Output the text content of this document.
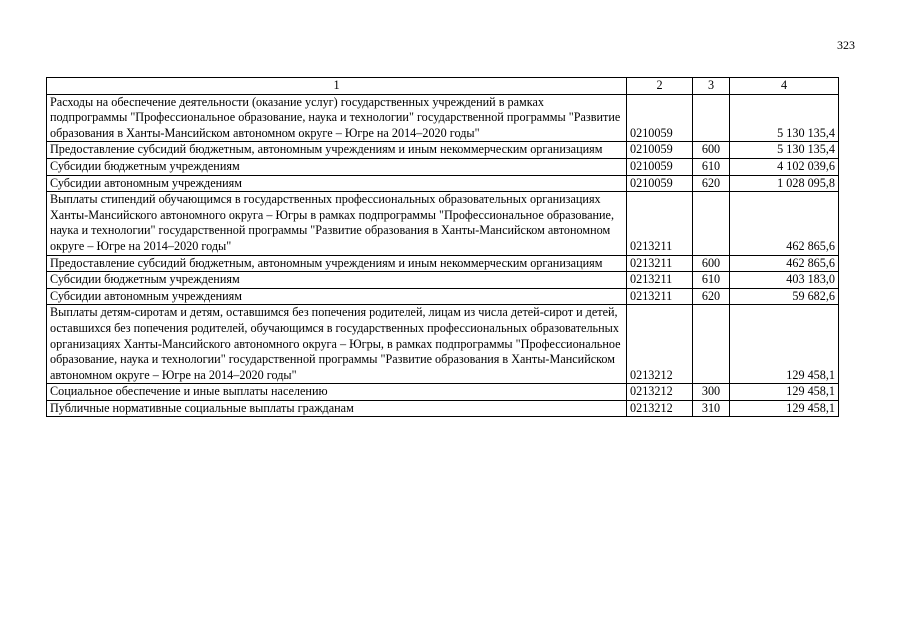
323
1	2	3	4
Расходы на обеспечение деятельности (оказание услуг) государственных учреждений в рамках подпрограммы "Профессиональное образование, наука и технологии" государственной программы "Развитие образования в Ханты-Мансийском автономном округе – Югре на 2014–2020 годы"	0210059		5 130 135,4
Предоставление субсидий бюджетным, автономным учреждениям и иным некоммерческим организациям	0210059	600	5 130 135,4
Субсидии бюджетным учреждениям	0210059	610	4 102 039,6
Субсидии автономным учреждениям	0210059	620	1 028 095,8
Выплаты стипендий обучающимся в государственных профессиональных образовательных организациях Ханты-Мансийского автономного округа – Югры в рамках подпрограммы "Профессиональное образование, наука и технологии" государственной программы "Развитие образования в Ханты-Мансийском автономном округе – Югре на 2014–2020 годы"	0213211		462 865,6
Предоставление субсидий бюджетным, автономным учреждениям и иным некоммерческим организациям	0213211	600	462 865,6
Субсидии бюджетным учреждениям	0213211	610	403 183,0
Субсидии автономным учреждениям	0213211	620	59 682,6
Выплаты детям-сиротам и детям, оставшимся без попечения родителей, лицам из числа детей-сирот и детей, оставшихся без попечения родителей, обучающимся в государственных профессиональных образовательных организациях Ханты-Мансийского автономного округа – Югры, в рамках подпрограммы "Профессиональное образование, наука и технологии" государственной программы "Развитие образования в Ханты-Мансийском автономном округе – Югре на 2014–2020 годы"	0213212		129 458,1
Социальное обеспечение и иные выплаты населению	0213212	300	129 458,1
Публичные нормативные социальные выплаты гражданам	0213212	310	129 458,1
